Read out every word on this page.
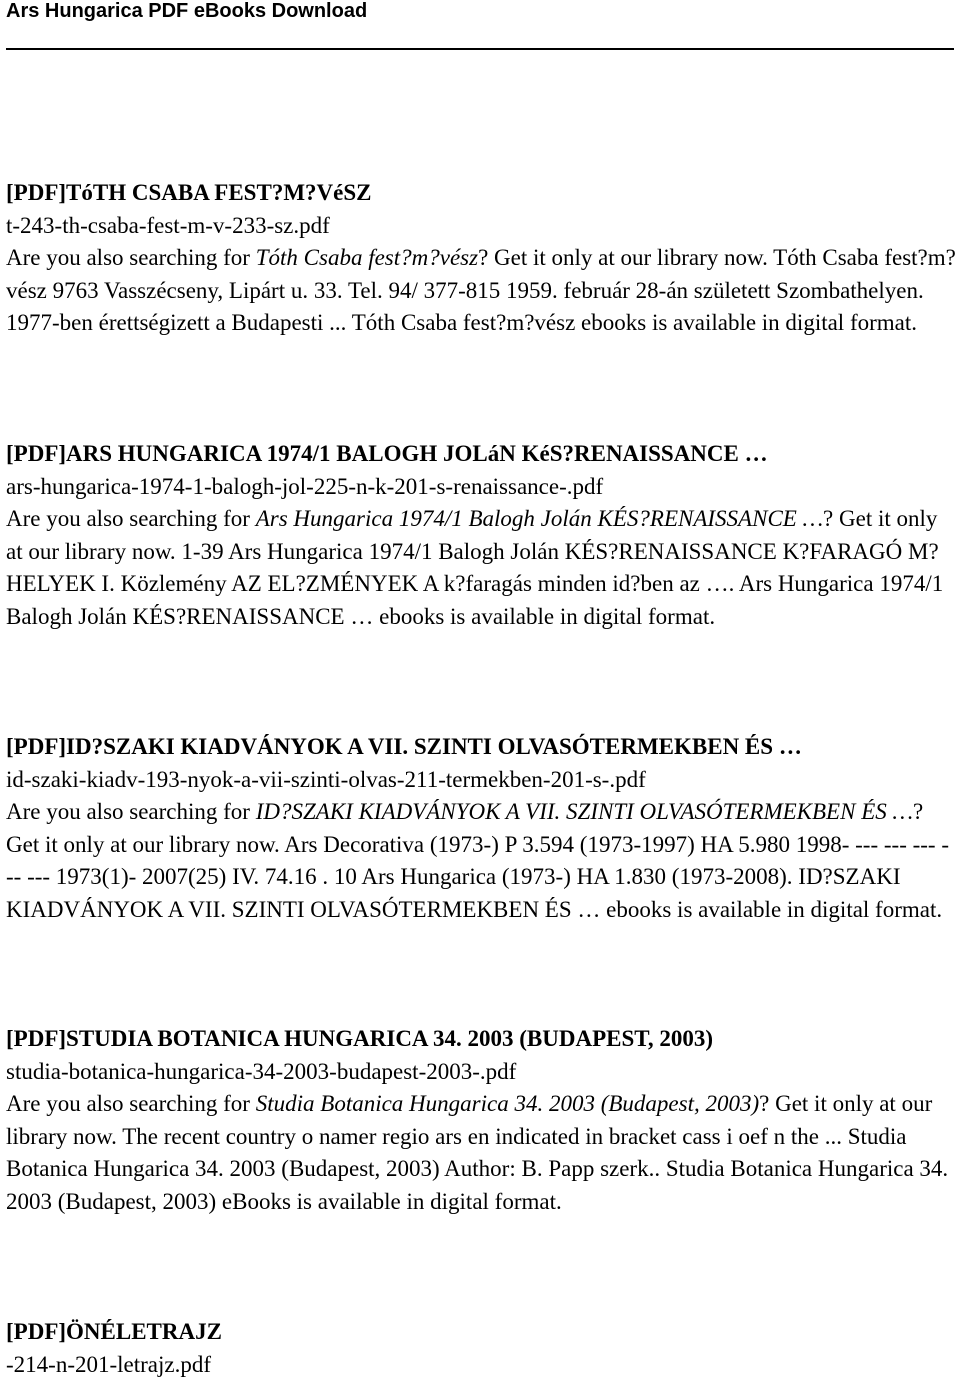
Ars Hungarica PDF eBooks Download

[PDF]TóTH CSABA FEST?M?VéSZ

t-243-th-csaba-fest-m-v-233-sz.pdf

Are you also searching for Tóth Csaba fest?m?vész? Get it only at our library now. Tóth Csaba fest?m?vész 9763 Vasszécseny, Lipárt u. 33. Tel. 94/ 377-815 1959. február 28-án született Szombathelyen. 1977-ben érettségizett a Budapesti ... Tóth Csaba fest?m?vész ebooks is available in digital format.

[PDF]ARS HUNGARICA 1974/1 BALOGH JOLáN KéS?RENAISSANCE …

ars-hungarica-1974-1-balogh-jol-225-n-k-201-s-renaissance-.pdf

Are you also searching for Ars Hungarica 1974/1 Balogh Jolán KÉS?RENAISSANCE …? Get it only at our library now. 1-39 Ars Hungarica 1974/1 Balogh Jolán KÉS?RENAISSANCE K?FARAGÓ M?HELYEK I. Közlemény AZ EL?ZMÉNYEK A k?faragás minden id?ben az …. Ars Hungarica 1974/1 Balogh Jolán KÉS?RENAISSANCE … ebooks is available in digital format.

[PDF]ID?SZAKI KIADVÁNYOK A VII. SZINTI OLVASÓTERMEKBEN ÉS …

id-szaki-kiadv-193-nyok-a-vii-szinti-olvas-211-termekben-201-s-.pdf

Are you also searching for ID?SZAKI KIADVÁNYOK A VII. SZINTI OLVASÓTERMEKBEN ÉS …? Get it only at our library now. Ars Decorativa (1973-) P 3.594 (1973-1997) HA 5.980 1998- --- --- --- --- --- 1973(1)- 2007(25) IV. 74.16 . 10 Ars Hungarica (1973-) HA 1.830 (1973-2008). ID?SZAKI KIADVÁNYOK A VII. SZINTI OLVASÓTERMEKBEN ÉS … ebooks is available in digital format.

[PDF]STUDIA BOTANICA HUNGARICA 34. 2003 (BUDAPEST, 2003)

studia-botanica-hungarica-34-2003-budapest-2003-.pdf

Are you also searching for Studia Botanica Hungarica 34. 2003 (Budapest, 2003)? Get it only at our library now. The recent country o namer regio ars en indicated in bracket cass i oef n the ... Studia Botanica Hungarica 34. 2003 (Budapest, 2003) Author: B. Papp szerk.. Studia Botanica Hungarica 34. 2003 (Budapest, 2003) eBooks is available in digital format.

[PDF]ÖNÉLETRAJZ

-214-n-201-letrajz.pdf
